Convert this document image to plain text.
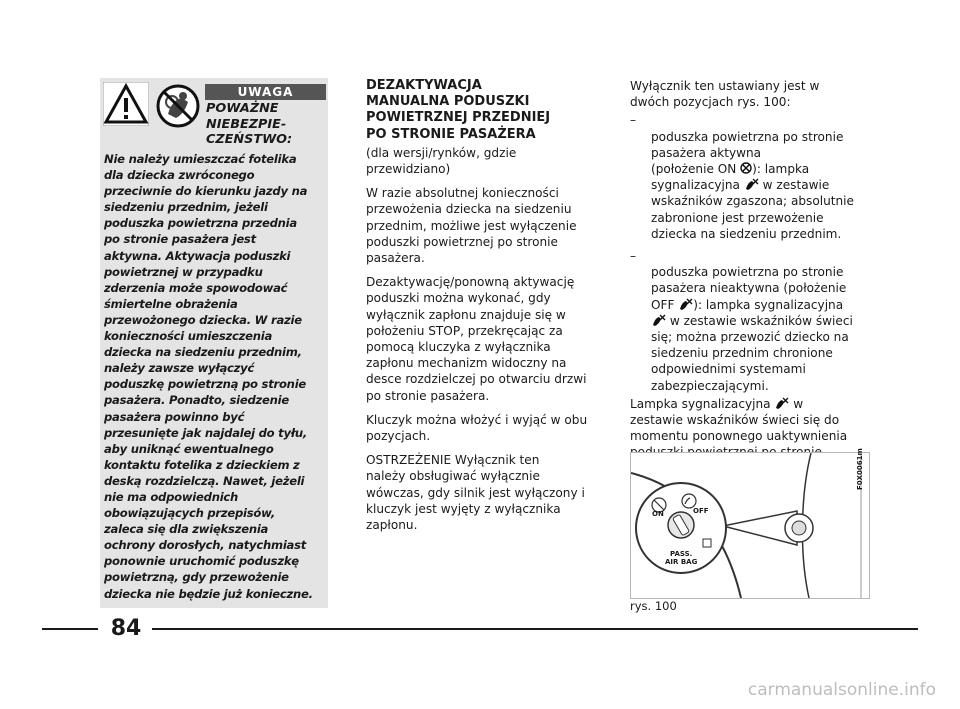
UWAGA
POWAŻNE
NIEBEZPIE-
CZEŃSTWO:
Nie należy umieszczać fotelika
dla dziecka zwróconego
przeciwnie do kierunku jazdy na
siedzeniu przednim, jeżeli
poduszka powietrzna przednia
po stronie pasażera jest
aktywna. Aktywacja poduszki
powietrznej w przypadku
zderzenia może spowodować
śmiertelne obrażenia
przewożonego dziecka. W razie
konieczności umieszczenia
dziecka na siedzeniu przednim,
należy zawsze wyłączyć
poduszkę powietrzną po stronie
pasażera. Ponadto, siedzenie
pasażera powinno być
przesunięte jak najdalej do tyłu,
aby uniknąć ewentualnego
kontaktu fotelika z dzieckiem z
deską rozdzielczą. Nawet, jeżeli
nie ma odpowiednich
obowiązujących przepisów,
zaleca się dla zwiększenia
ochrony dorosłych, natychmiast
ponownie uruchomić poduszkę
powietrzną, gdy przewożenie
dziecka nie będzie już konieczne.
DEZAKTYWACJA
MANUALNA PODUSZKI
POWIETRZNEJ PRZEDNIEJ
PO STRONIE PASAŻERA
(dla wersji/rynków, gdzie
przewidziano)
W razie absolutnej konieczności
przewożenia dziecka na siedzeniu
przednim, możliwe jest wyłączenie
poduszki powietrznej po stronie
pasażera.
Dezaktywację/ponowną aktywację
poduszki można wykonać, gdy
wyłącznik zapłonu znajduje się w
położeniu STOP, przekręcając za
pomocą kluczyka z wyłącznika
zapłonu mechanizm widoczny na
desce rozdzielczej po otwarciu drzwi
po stronie pasażera.
Kluczyk można włożyć i wyjąć w obu
pozycjach.
OSTRZEŻENIE Wyłącznik ten
należy obsługiwać wyłącznie
wówczas, gdy silnik jest wyłączony i
kluczyk jest wyjęty z wyłącznika
zapłonu.
Wyłącznik ten ustawiany jest w
dwóch pozycjach rys. 100:

–
poduszka powietrzna po stronie
pasażera aktywna
(położenie ON ): lampka
sygnalizacyjna  w zestawie
wskaźników zgaszona; absolutnie
zabronione jest przewożenie
dziecka na siedzeniu przednim.

–
poduszka powietrzna po stronie
pasażera nieaktywna (położenie
OFF ): lampka sygnalizacyjna
w zestawie wskaźników świeci
się; można przewozić dziecko na
siedzeniu przednim chronione
odpowiednimi systemami
zabezpieczającymi.

Lampka sygnalizacyjna  w
zestawie wskaźników świeci się do
momentu ponownego uaktywnienia

ON	OFF
PASS.
AIR BAG
F0X0061m
rys. 100
84
carmanualsonline.info
